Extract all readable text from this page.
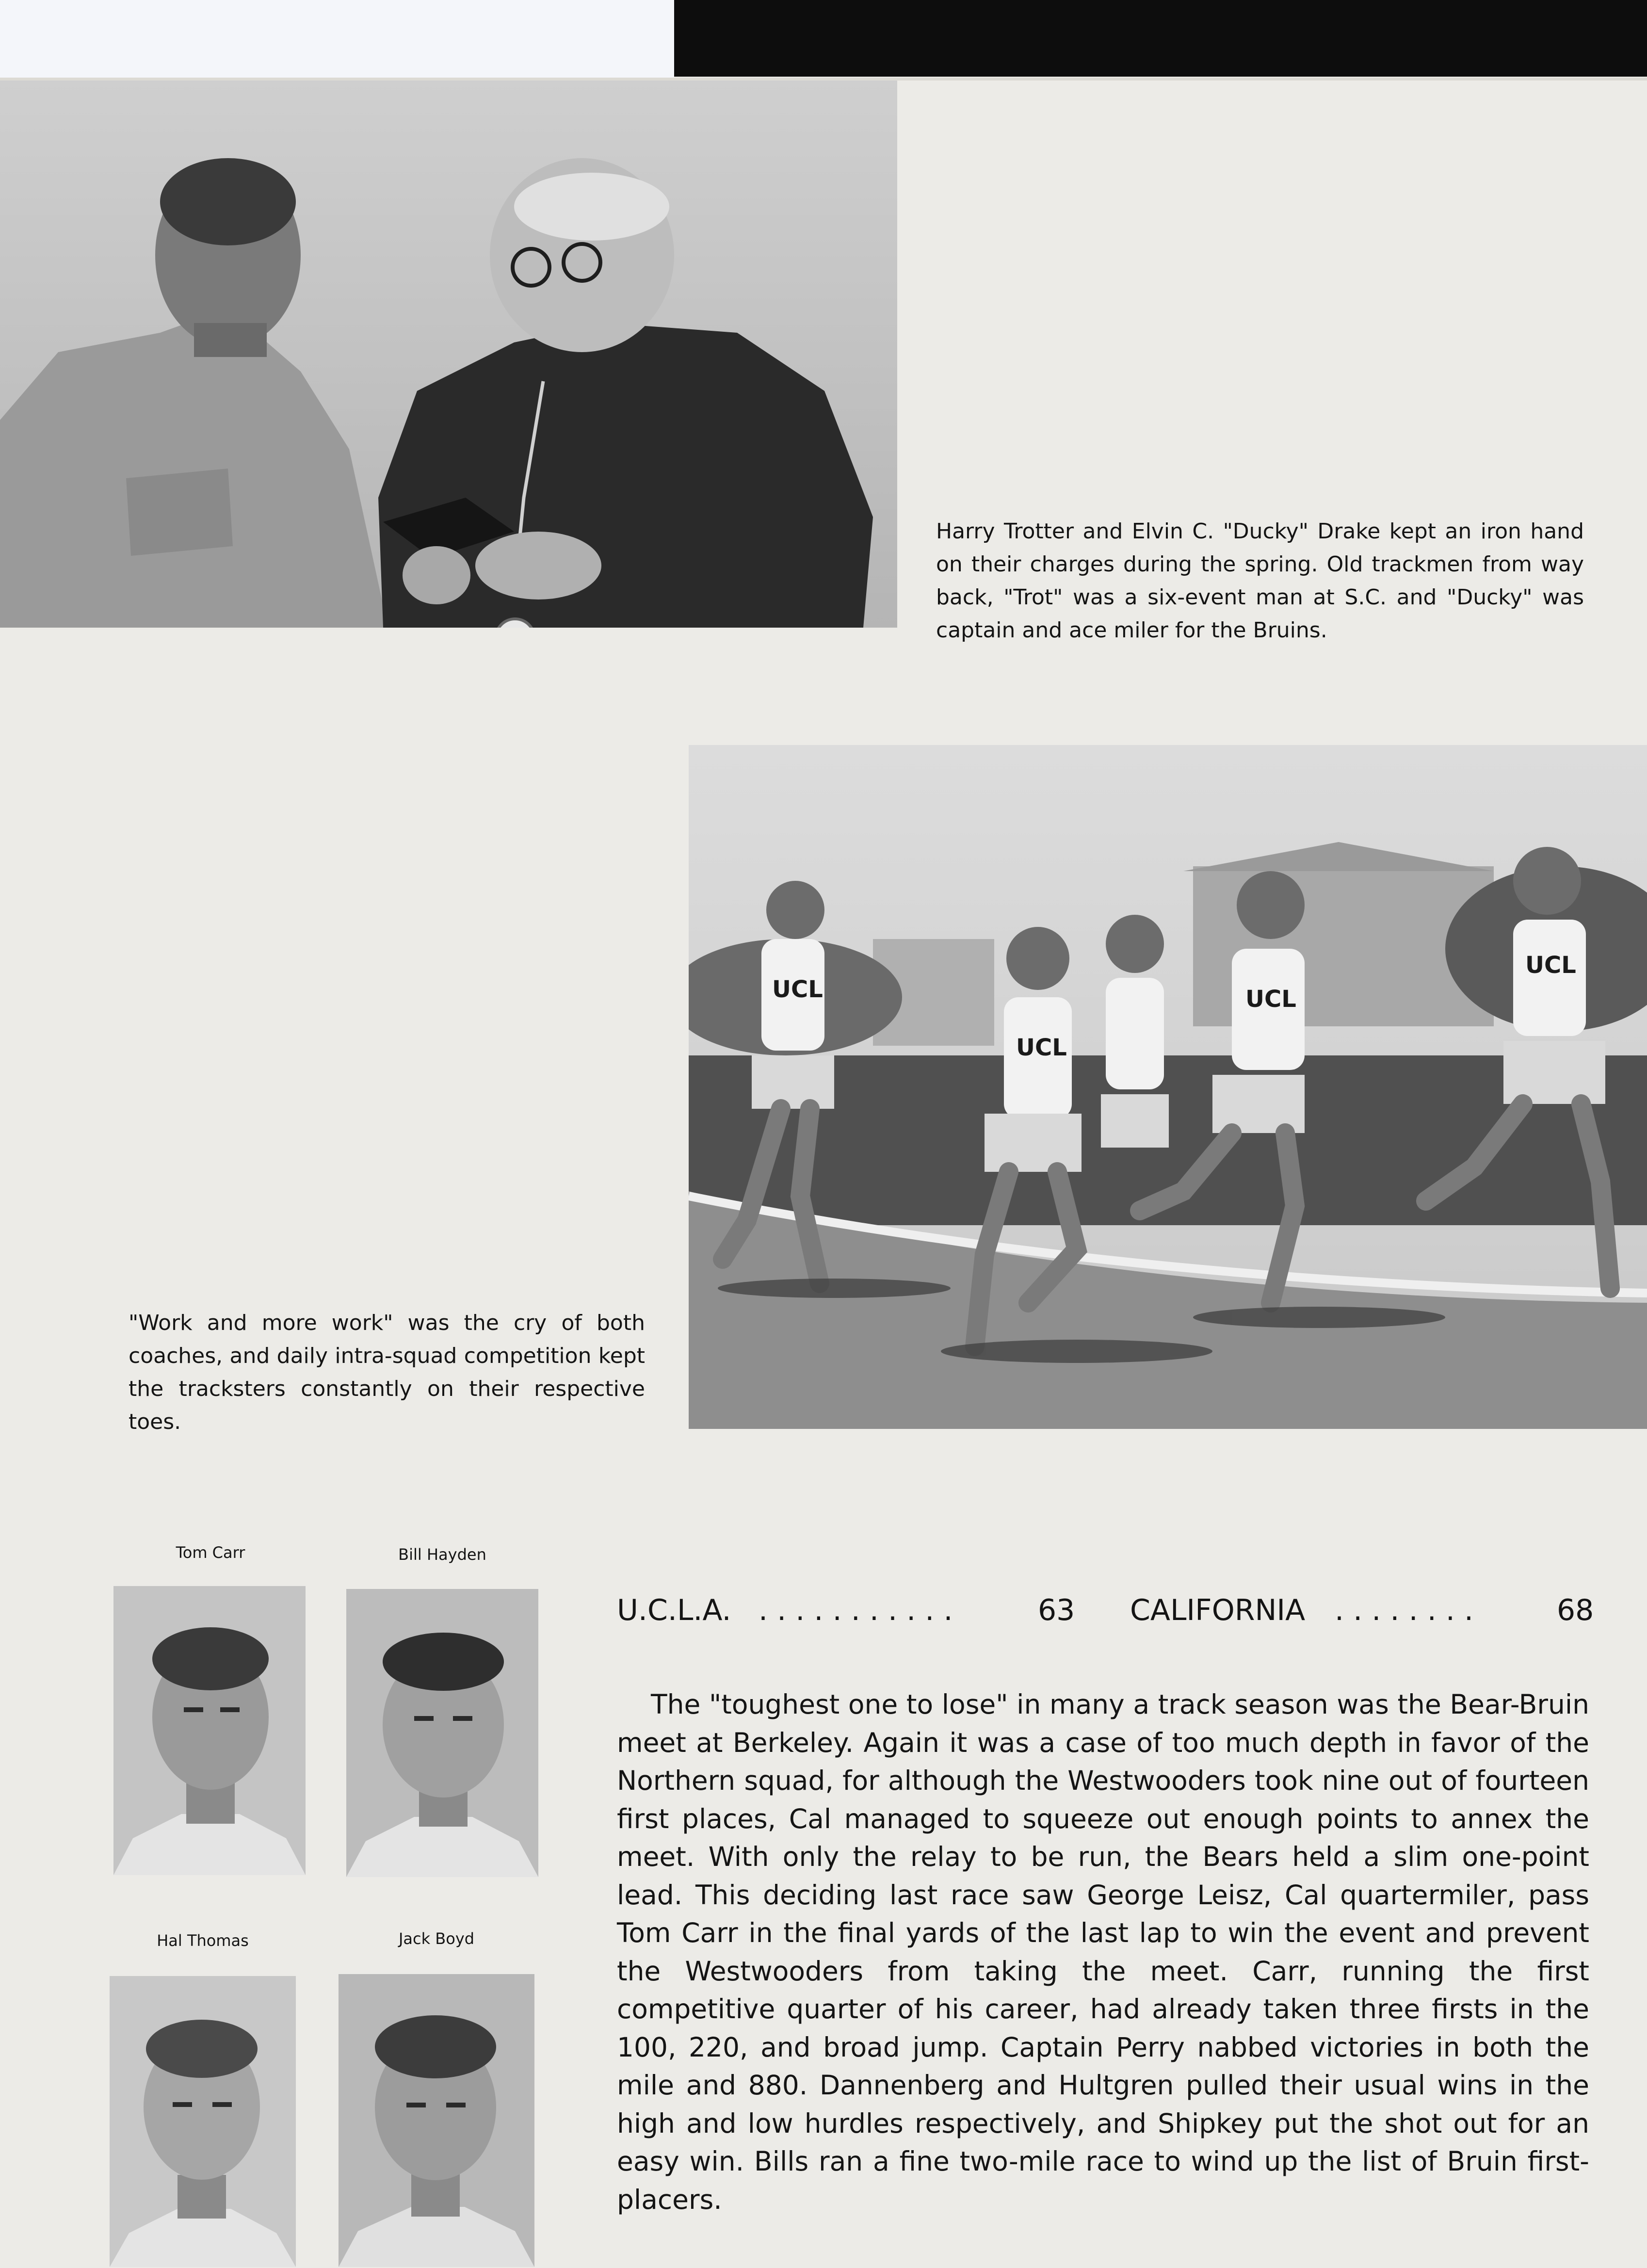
Harry Trotter and Elvin C. "Ducky" Drake kept an iron hand on their charges during the spring. Old trackmen from way back, "Trot" was a six-event man at S.C. and "Ducky" was captain and ace miler for the Bruins.

UCL
UCL
UCL
UCL

"Work and more work" was the cry of both coaches, and daily intra-squad competition kept the tracksters constantly on their respective toes.

Tom Carr	Bill Hayden
Hal Thomas	Jack Boyd
U.C.L.A. . . . . . . . . . . .	63 CALIFORNIA . . . . . . . .	68

The "toughest one to lose" in many a track season was the Bear-Bruin meet at Berkeley. Again it was a case of too much depth in favor of the Northern squad, for although the Westwooders took nine out of fourteen first places, Cal managed to squeeze out enough points to annex the meet. With only the relay to be run, the Bears held a slim one-point lead. This deciding last race saw George Leisz, Cal quartermiler, pass Tom Carr in the final yards of the last lap to win the event and prevent the Westwooders from taking the meet. Carr, running the first competitive quarter of his career, had already taken three firsts in the 100, 220, and broad jump. Captain Perry nabbed victories in both the mile and 880. Dannenberg and Hultgren pulled their usual wins in the high and low hurdles respectively, and Shipkey put the shot out for an easy win. Bills ran a fine two-mile race to wind up the list of Bruin first-placers.
